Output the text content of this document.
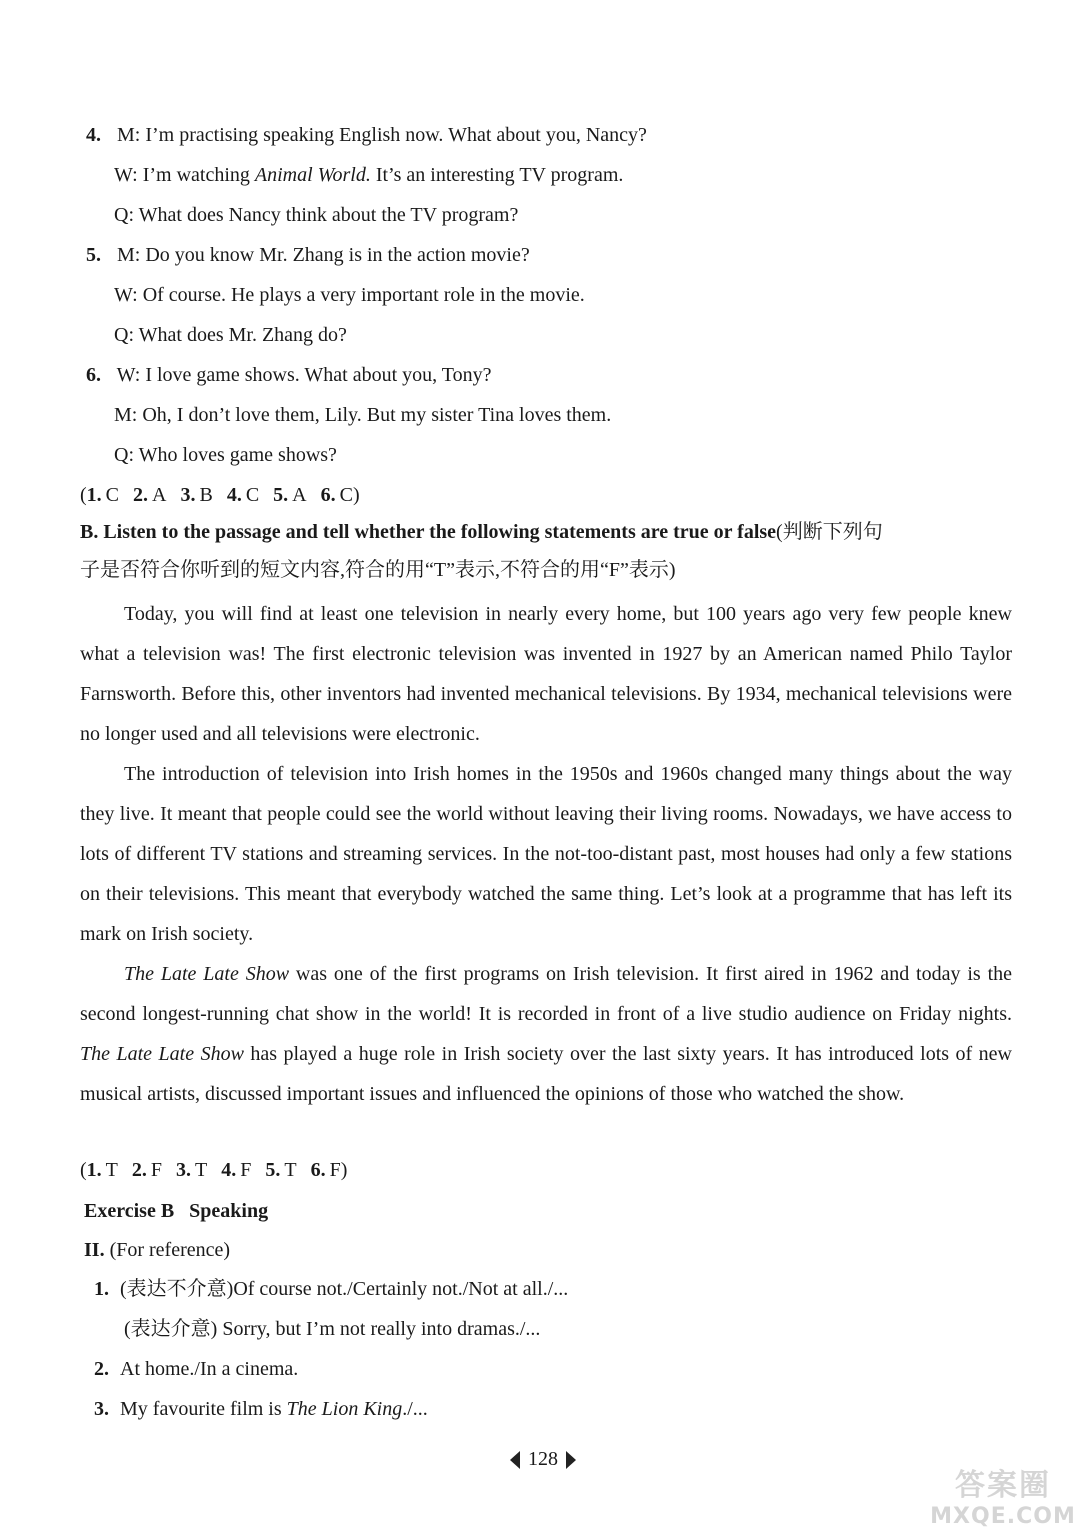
4. M: I’m practising speaking English now. What about you, Nancy?
W: I’m watching Animal World. It’s an interesting TV program.
Q: What does Nancy think about the TV program?
5. M: Do you know Mr. Zhang is in the action movie?
W: Of course. He plays a very important role in the movie.
Q: What does Mr. Zhang do?
6. W: I love game shows. What about you, Tony?
M: Oh, I don’t love them, Lily. But my sister Tina loves them.
Q: Who loves game shows?
(1. C 2. A 3. B 4. C 5. A 6. C)
B. Listen to the passage and tell whether the following statements are true or false(判断下列句
子是否符合你听到的短文内容,符合的用“T”表示,不符合的用“F”表示)

Today, you will find at least one television in nearly every home, but 100 years ago very few people knew what a television was! The first electronic television was invented in 1927 by an American named Philo Taylor Farnsworth. Before this, other inventors had invented mechanical televisions. By 1934, mechanical televisions were no longer used and all televisions were electronic.

The introduction of television into Irish homes in the 1950s and 1960s changed many things about the way they live. It meant that people could see the world without leaving their living rooms. Nowadays, we have access to lots of different TV stations and streaming services. In the not-too-distant past, most houses had only a few stations on their televisions. This meant that everybody watched the same thing. Let’s look at a programme that has left its mark on Irish society.

The Late Late Show was one of the first programs on Irish television. It first aired in 1962 and today is the second longest-running chat show in the world! It is recorded in front of a live studio audience on Friday nights. The Late Late Show has played a huge role in Irish society over the last sixty years. It has introduced lots of new musical artists, discussed important issues and influenced the opinions of those who watched the show.

(1. T 2. F 3. T 4. F 5. T 6. F)
Exercise B Speaking
II. (For reference)
1. (表达不介意)Of course not./Certainly not./Not at all./...
(表达介意) Sorry, but I’m not really into dramas./...
2. At home./In a cinema.
3. My favourite film is The Lion King./...
128
答案圈
MXQE.COM
